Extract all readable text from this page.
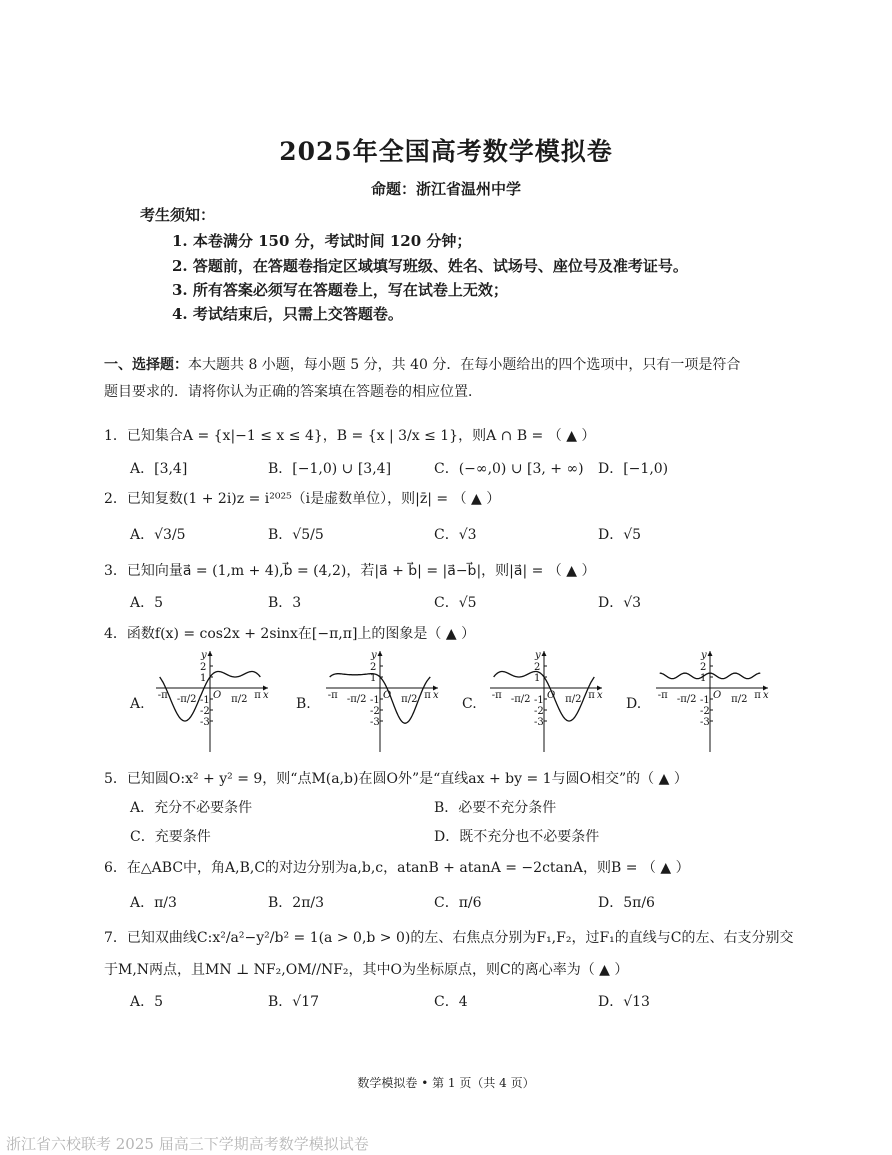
2025年全国高考数学模拟卷
命题：浙江省温州中学
考生须知：
1. 本卷满分 150 分，考试时间 120 分钟；
2. 答题前，在答题卷指定区域填写班级、姓名、试场号、座位号及准考证号。
3. 所有答案必须写在答题卷上，写在试卷上无效；
4. 考试结束后，只需上交答题卷。
一、选择题：本大题共 8 小题，每小题 5 分，共 40 分．在每小题给出的四个选项中，只有一项是符合
题目要求的．请将你认为正确的答案填在答题卷的相应位置．
1．已知集合A = {x|−1 ≤ x ≤ 4}，B = {x | 3/x ≤ 1}，则A ∩ B = （ ▲ ）
A．[3,4]	B．[−1,0) ∪ [3,4]	C．(−∞,0) ∪ [3, + ∞) D．[−1,0)
2．已知复数(1 + 2i)z = i²⁰²⁵（i是虚数单位），则|z̄| = （ ▲ ）
A．√3/5	B．√5/5	C．√3	D．√5
3．已知向量a⃗ = (1,m + 4),b⃗ = (4,2)，若|a⃗ + b⃗| = |a⃗−b⃗|，则|a⃗| = （ ▲ ）
A．5	B．3	C．√5	D．√3
4．函数f(x) = cos2x + 2sinx在[−π,π]上的图象是（ ▲ ）
A.	B.	C.	D.
y
x
O
-π	π
-π/2	π/2
2
1
-1
-2
-3
y
x
O
-π	π
-π/2	π/2
2
1
-1
-2
-3
y
x
O
-π	π
-π/2	π/2
2
1
-1
-2
-3
y
x
O
-π	π
-π/2	π/2
2
1
-1
-2
-3
5．已知圆O:x² + y² = 9，则“点M(a,b)在圆O外”是“直线ax + by = 1与圆O相交”的（ ▲ ）
A．充分不必要条件	B．必要不充分条件
C．充要条件	D．既不充分也不必要条件
6．在△ABC中，角A,B,C的对边分别为a,b,c，atanB + atanA = −2ctanA，则B = （ ▲ ）
A．π/3	B．2π/3	C．π/6	D．5π/6
7．已知双曲线C:x²/a²−y²/b² = 1(a > 0,b > 0)的左、右焦点分别为F₁,F₂，过F₁的直线与C的左、右支分别交
于M,N两点，且MN ⊥ NF₂,OM//NF₂，其中O为坐标原点，则C的离心率为（ ▲ ）
A．5	B．√17	C．4	D．√13
数学模拟卷 • 第 1 页（共 4 页）
浙江省六校联考 2025 届高三下学期高考数学模拟试卷
